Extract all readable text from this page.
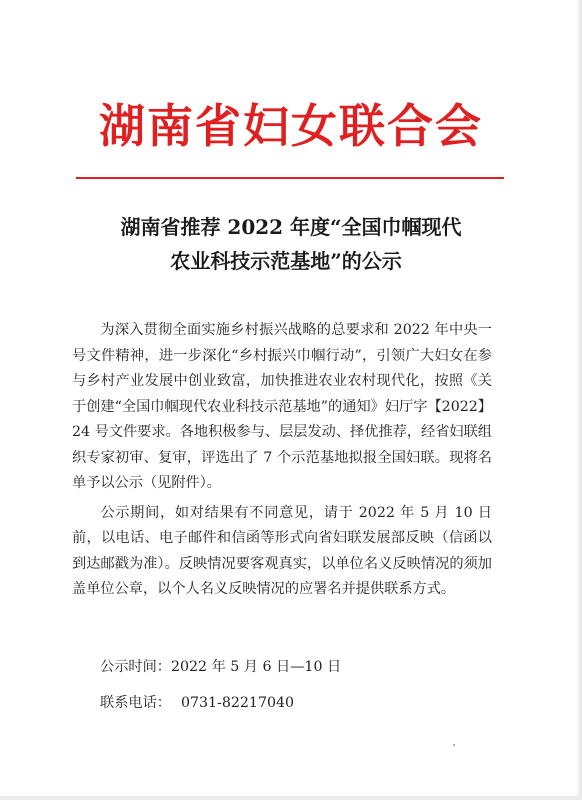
湖南省妇女联合会
湖南省推荐 2022 年度“全国巾帼现代
农业科技示范基地”的公示

为深入贯彻全面实施乡村振兴战略的总要求和 2022 年中央一号文件精神，进一步深化“乡村振兴巾帼行动”，引领广大妇女在参与乡村产业发展中创业致富，加快推进农业农村现代化，按照《关于创建“全国巾帼现代农业科技示范基地”的通知》妇厅字【2022】24 号文件要求。各地积极参与、层层发动、择优推荐，经省妇联组织专家初审、复审，评选出了 7 个示范基地拟报全国妇联。现将名单予以公示（见附件）。

公示期间，如对结果有不同意见，请于 2022 年 5 月 10 日前，以电话、电子邮件和信函等形式向省妇联发展部反映（信函以到达邮戳为准）。反映情况要客观真实，以单位名义反映情况的须加盖单位公章，以个人名义反映情况的应署名并提供联系方式。

公示时间：2022 年 5 月 6 日—10 日
联系电话： 0731-82217040
